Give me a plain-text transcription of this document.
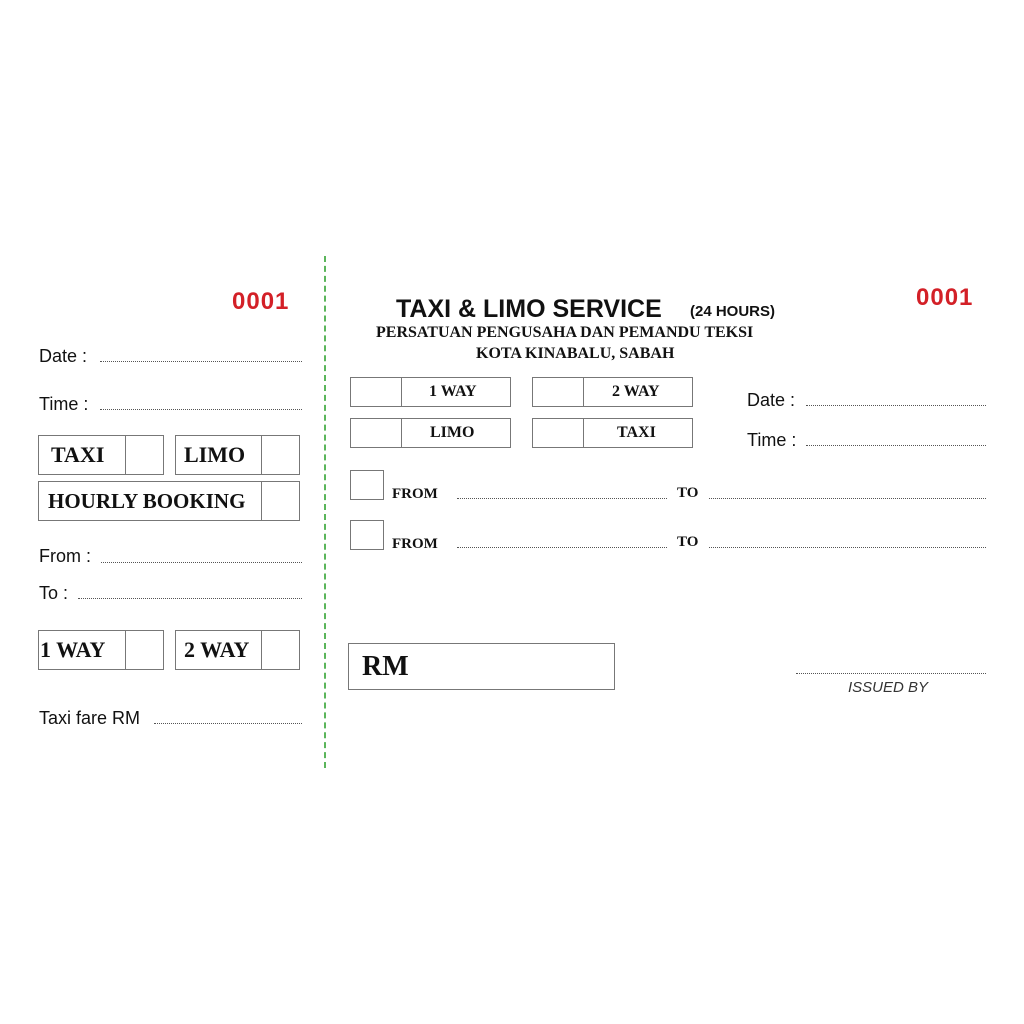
0001
Date :
Time :
TAXI	LIMO
HOURLY BOOKING
From :
To :
1 WAY	2 WAY
Taxi fare RM
0001
TAXI & LIMO SERVICE (24 HOURS)
PERSATUAN PENGUSAHA DAN PEMANDU TEKSI
KOTA KINABALU, SABAH
1 WAY	2 WAY
LIMO	TAXI
Date :
Time :
FROM	TO
FROM	TO
RM
ISSUED BY
